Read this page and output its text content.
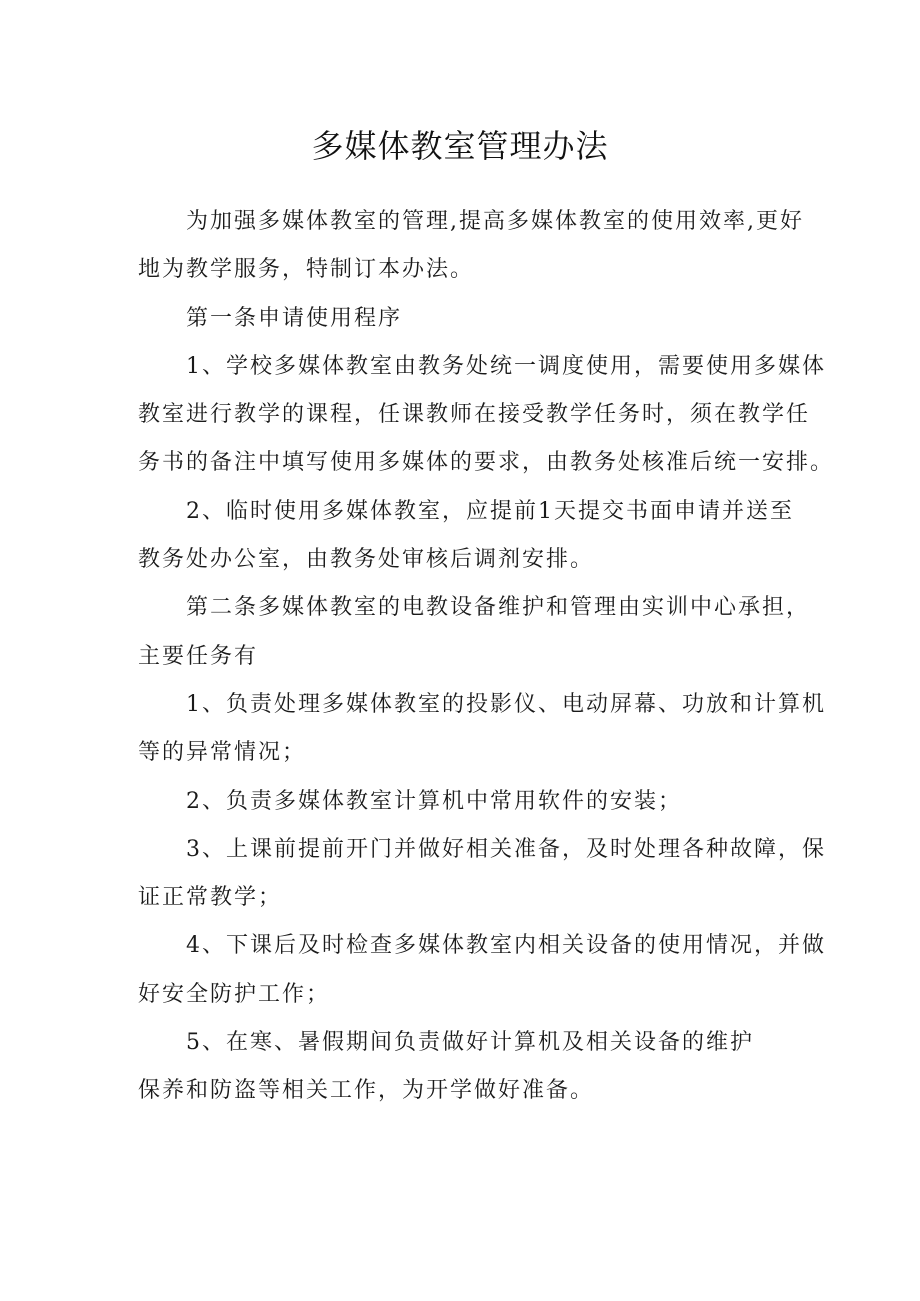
多媒体教室管理办法
为加强多媒体教室的管理,提高多媒体教室的使用效率,更好
地为教学服务，特制订本办法。
第一条申请使用程序
1、学校多媒体教室由教务处统一调度使用，需要使用多媒体
教室进行教学的课程，任课教师在接受教学任务时，须在教学任
务书的备注中填写使用多媒体的要求，由教务处核准后统一安排。
2、临时使用多媒体教室，应提前1天提交书面申请并送至
教务处办公室，由教务处审核后调剂安排。
第二条多媒体教室的电教设备维护和管理由实训中心承担，
主要任务有
1、负责处理多媒体教室的投影仪、电动屏幕、功放和计算机
等的异常情况；
2、负责多媒体教室计算机中常用软件的安装；
3、上课前提前开门并做好相关准备，及时处理各种故障，保
证正常教学；
4、下课后及时检查多媒体教室内相关设备的使用情况，并做
好安全防护工作；
5、在寒、暑假期间负责做好计算机及相关设备的维护
保养和防盗等相关工作，为开学做好准备。
